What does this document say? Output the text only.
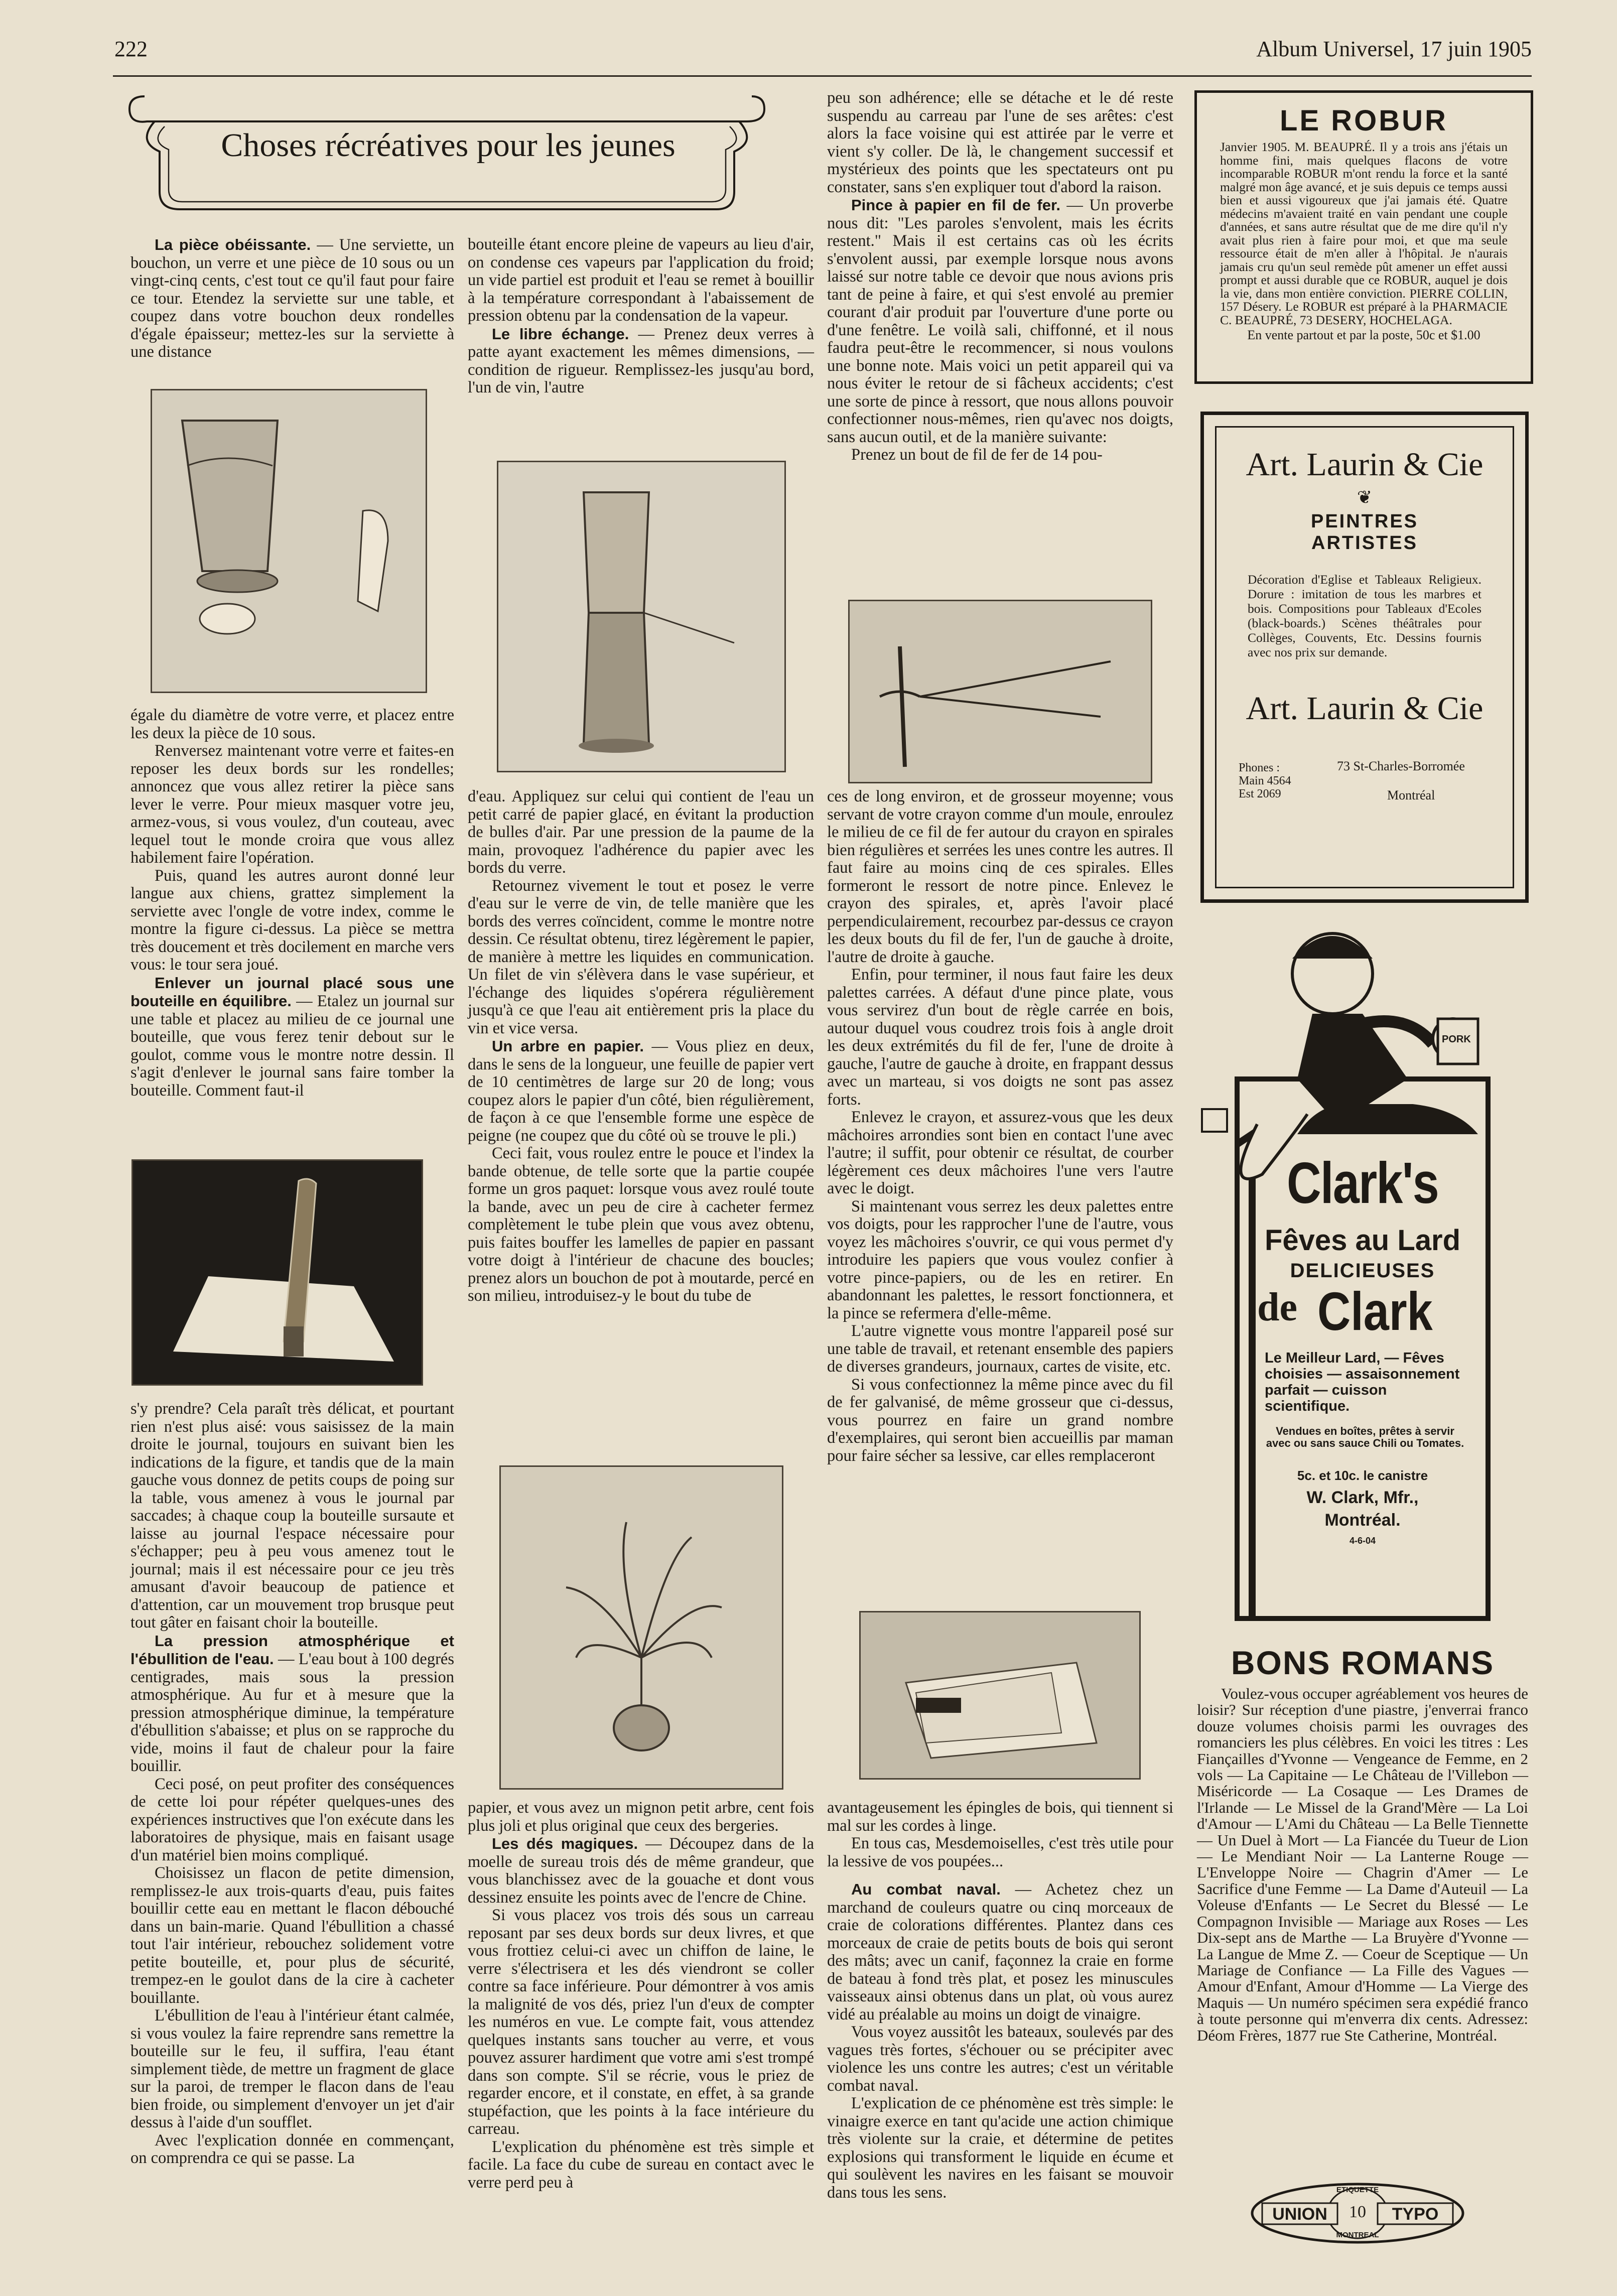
222	Album Universel, 17 juin 1905
Choses récréatives pour les jeunes

La pièce obéissante. — Une serviette, un bouchon, un verre et une pièce de 10 sous ou un vingt-cinq cents, c'est tout ce qu'il faut pour faire ce tour. Etendez la serviette sur une table, et coupez dans votre bouchon deux rondelles d'égale épaisseur; mettez-les sur la serviette à une distance

égale du diamètre de votre verre, et placez entre les deux la pièce de 10 sous.

Renversez maintenant votre verre et faites-en reposer les deux bords sur les rondelles; annoncez que vous allez retirer la pièce sans lever le verre. Pour mieux masquer votre jeu, armez-vous, si vous voulez, d'un couteau, avec lequel tout le monde croira que vous allez habilement faire l'opération.

Puis, quand les autres auront donné leur langue aux chiens, grattez simplement la serviette avec l'ongle de votre index, comme le montre la figure ci-dessus. La pièce se mettra très doucement et très docilement en marche vers vous: le tour sera joué.

Enlever un journal placé sous une bouteille en équilibre. — Etalez un journal sur une table et placez au milieu de ce journal une bouteille, que vous ferez tenir debout sur le goulot, comme vous le montre notre dessin. Il s'agit d'enlever le journal sans faire tomber la bouteille. Comment faut-il

s'y prendre? Cela paraît très délicat, et pourtant rien n'est plus aisé: vous saisissez de la main droite le journal, toujours en suivant bien les indications de la figure, et tandis que de la main gauche vous donnez de petits coups de poing sur la table, vous amenez à vous le journal par saccades; à chaque coup la bouteille sursaute et laisse au journal l'espace nécessaire pour s'échapper; peu à peu vous amenez tout le journal; mais il est nécessaire pour ce jeu très amusant d'avoir beaucoup de patience et d'attention, car un mouvement trop brusque peut tout gâter en faisant choir la bouteille.

La pression atmosphérique et l'ébullition de l'eau. — L'eau bout à 100 degrés centigrades, mais sous la pression atmosphérique. Au fur et à mesure que la pression atmosphérique diminue, la température d'ébullition s'abaisse; et plus on se rapproche du vide, moins il faut de chaleur pour la faire bouillir.

Ceci posé, on peut profiter des conséquences de cette loi pour répéter quelques-unes des expériences instructives que l'on exécute dans les laboratoires de physique, mais en faisant usage d'un matériel bien moins compliqué.

Choisissez un flacon de petite dimension, remplissez-le aux trois-quarts d'eau, puis faites bouillir cette eau en mettant le flacon débouché dans un bain-marie. Quand l'ébullition a chassé tout l'air intérieur, rebouchez solidement votre petite bouteille, et, pour plus de sécurité, trempez-en le goulot dans de la cire à cacheter bouillante.

L'ébullition de l'eau à l'intérieur étant calmée, si vous voulez la faire reprendre sans remettre la bouteille sur le feu, il suffira, l'eau étant simplement tiède, de mettre un fragment de glace sur la paroi, de tremper le flacon dans de l'eau bien froide, ou simplement d'envoyer un jet d'air dessus à l'aide d'un soufflet.

Avec l'explication donnée en commençant, on comprendra ce qui se passe. La

bouteille étant encore pleine de vapeurs au lieu d'air, on condense ces vapeurs par l'application du froid; un vide partiel est produit et l'eau se remet à bouillir à la température correspondant à l'abaissement de pression obtenu par la condensation de la vapeur.

Le libre échange. — Prenez deux verres à patte ayant exactement les mêmes dimensions, — condition de rigueur. Remplissez-les jusqu'au bord, l'un de vin, l'autre

d'eau. Appliquez sur celui qui contient de l'eau un petit carré de papier glacé, en évitant la production de bulles d'air. Par une pression de la paume de la main, provoquez l'adhérence du papier avec les bords du verre.

Retournez vivement le tout et posez le verre d'eau sur le verre de vin, de telle manière que les bords des verres coïncident, comme le montre notre dessin. Ce résultat obtenu, tirez légèrement le papier, de manière à mettre les liquides en communication. Un filet de vin s'élèvera dans le vase supérieur, et l'échange des liquides s'opérera régulièrement jusqu'à ce que l'eau ait entièrement pris la place du vin et vice versa.

Un arbre en papier. — Vous pliez en deux, dans le sens de la longueur, une feuille de papier vert de 10 centimètres de large sur 20 de long; vous coupez alors le papier d'un côté, bien régulièrement, de façon à ce que l'ensemble forme une espèce de peigne (ne coupez que du côté où se trouve le pli.)

Ceci fait, vous roulez entre le pouce et l'index la bande obtenue, de telle sorte que la partie coupée forme un gros paquet: lorsque vous avez roulé toute la bande, avec un peu de cire à cacheter fermez complètement le tube plein que vous avez obtenu, puis faites bouffer les lamelles de papier en passant votre doigt à l'intérieur de chacune des boucles; prenez alors un bouchon de pot à moutarde, percé en son milieu, introduisez-y le bout du tube de

papier, et vous avez un mignon petit arbre, cent fois plus joli et plus original que ceux des bergeries.

Les dés magiques. — Découpez dans de la moelle de sureau trois dés de même grandeur, que vous blanchissez avec de la gouache et dont vous dessinez ensuite les points avec de l'encre de Chine.

Si vous placez vos trois dés sous un carreau reposant par ses deux bords sur deux livres, et que vous frottiez celui-ci avec un chiffon de laine, le verre s'électrisera et les dés viendront se coller contre sa face inférieure. Pour démontrer à vos amis la malignité de vos dés, priez l'un d'eux de compter les numéros en vue. Le compte fait, vous attendez quelques instants sans toucher au verre, et vous pouvez assurer hardiment que votre ami s'est trompé dans son compte. S'il se récrie, vous le priez de regarder encore, et il constate, en effet, à sa grande stupéfaction, que les points à la face intérieure du carreau.

L'explication du phénomène est très simple et facile. La face du cube de sureau en contact avec le verre perd peu à

peu son adhérence; elle se détache et le dé reste suspendu au carreau par l'une de ses arêtes: c'est alors la face voisine qui est attirée par le verre et vient s'y coller. De là, le changement successif et mystérieux des points que les spectateurs ont pu constater, sans s'en expliquer tout d'abord la raison.

Pince à papier en fil de fer. — Un proverbe nous dit: "Les paroles s'envolent, mais les écrits restent." Mais il est certains cas où les écrits s'envolent aussi, par exemple lorsque nous avons laissé sur notre table ce devoir que nous avions pris tant de peine à faire, et qui s'est envolé au premier courant d'air produit par l'ouverture d'une porte ou d'une fenêtre. Le voilà sali, chiffonné, et il nous faudra peut-être le recommencer, si nous voulons une bonne note. Mais voici un petit appareil qui va nous éviter le retour de si fâcheux accidents; c'est une sorte de pince à ressort, que nous allons pouvoir confectionner nous-mêmes, rien qu'avec nos doigts, sans aucun outil, et de la manière suivante:

Prenez un bout de fil de fer de 14 pou-

ces de long environ, et de grosseur moyenne; vous servant de votre crayon comme d'un moule, enroulez le milieu de ce fil de fer autour du crayon en spirales bien régulières et serrées les unes contre les autres. Il faut faire au moins cinq de ces spirales. Elles formeront le ressort de notre pince. Enlevez le crayon des spirales, et, après l'avoir placé perpendiculairement, recourbez par-dessus ce crayon les deux bouts du fil de fer, l'un de gauche à droite, l'autre de droite à gauche.

Enfin, pour terminer, il nous faut faire les deux palettes carrées. A défaut d'une pince plate, vous vous servirez d'un bout de règle carrée en bois, autour duquel vous coudrez trois fois à angle droit les deux extrémités du fil de fer, l'une de droite à gauche, l'autre de gauche à droite, en frappant dessus avec un marteau, si vos doigts ne sont pas assez forts.

Enlevez le crayon, et assurez-vous que les deux mâchoires arrondies sont bien en contact l'une avec l'autre; il suffit, pour obtenir ce résultat, de courber légèrement ces deux mâchoires l'une vers l'autre avec le doigt.

Si maintenant vous serrez les deux palettes entre vos doigts, pour les rapprocher l'une de l'autre, vous voyez les mâchoires s'ouvrir, ce qui vous permet d'y introduire les papiers que vous voulez confier à votre pince-papiers, ou de les en retirer. En abandonnant les palettes, le ressort fonctionnera, et la pince se refermera d'elle-même.

L'autre vignette vous montre l'appareil posé sur une table de travail, et retenant ensemble des papiers de diverses grandeurs, journaux, cartes de visite, etc.

Si vous confectionnez la même pince avec du fil de fer galvanisé, de même grosseur que ci-dessus, vous pourrez en faire un grand nombre d'exemplaires, qui seront bien accueillis par maman pour faire sécher sa lessive, car elles remplaceront

avantageusement les épingles de bois, qui tiennent si mal sur les cordes à linge.

En tous cas, Mesdemoiselles, c'est très utile pour la lessive de vos poupées...

Au combat naval. — Achetez chez un marchand de couleurs quatre ou cinq morceaux de craie de colorations différentes. Plantez dans ces morceaux de craie de petits bouts de bois qui seront des mâts; avec un canif, façonnez la craie en forme de bateau à fond très plat, et posez les minuscules vaisseaux ainsi obtenus dans un plat, où vous aurez vidé au préalable au moins un doigt de vinaigre.

Vous voyez aussitôt les bateaux, soulevés par des vagues très fortes, s'échouer ou se précipiter avec violence les uns contre les autres; c'est un véritable combat naval.

L'explication de ce phénomène est très simple: le vinaigre exerce en tant qu'acide une action chimique très violente sur la craie, et détermine de petites explosions qui transforment le liquide en écume et qui soulèvent les navires en les faisant se mouvoir dans tous les sens.

LE ROBUR
Janvier 1905. M. BEAUPRÉ. Il y a trois ans j'étais un homme fini, mais quelques flacons de votre incomparable ROBUR m'ont rendu la force et la santé malgré mon âge avancé, et je suis depuis ce temps aussi bien et aussi vigoureux que j'ai jamais été. Quatre médecins m'avaient traité en vain pendant une couple d'années, et sans autre résultat que de me dire qu'il n'y avait plus rien à faire pour moi, et que ma seule ressource était de m'en aller à l'hôpital. Je n'aurais jamais cru qu'un seul remède pût amener un effet aussi prompt et aussi durable que ce ROBUR, auquel je dois la vie, dans mon entière conviction. PIERRE COLLIN, 157 Désery. Le ROBUR est préparé à la PHARMACIE C. BEAUPRÉ, 73 DESERY, HOCHELAGA.
En vente partout et par la poste, 50c et $1.00
Art. Laurin & Cie
❦
PEINTRES
ARTISTES
Décoration d'Eglise et Tableaux Religieux. Dorure : imitation de tous les marbres et bois. Compositions pour Tableaux d'Ecoles (black-boards.) Scènes théâtrales pour Collèges, Couvents, Etc. Dessins fournis avec nos prix sur demande.
Art. Laurin & Cie
Phones :
Main 4564
Est 2069
73 St-Charles-Borromée
Montréal
PORK
Clark's
Fêves au Lard
DELICIEUSES
de Clark
Le Meilleur Lard, — Fêves choisies — assaisonnement parfait — cuisson scientifique.
Vendues en boîtes, prêtes à servir avec ou sans sauce Chili ou Tomates.
5c. et 10c. le canistre
W. Clark, Mfr.,
Montréal.
4-6-04
BONS ROMANS
Voulez-vous occuper agréablement vos heures de loisir? Sur réception d'une piastre, j'enverrai franco douze volumes choisis parmi les ouvrages des romanciers les plus célèbres. En voici les titres : Les Fiançailles d'Yvonne — Vengeance de Femme, en 2 vols — La Capitaine — Le Château de l'Villebon — Miséricorde — La Cosaque — Les Drames de l'Irlande — Le Missel de la Grand'Mère — La Loi d'Amour — L'Ami du Château — La Belle Tiennette — Un Duel à Mort — La Fiancée du Tueur de Lion — Le Mendiant Noir — La Lanterne Rouge — L'Enveloppe Noire — Chagrin d'Amer — Le Sacrifice d'une Femme — La Dame d'Auteuil — La Voleuse d'Enfants — Le Secret du Blessé — Le Compagnon Invisible — Mariage aux Roses — Les Dix-sept ans de Marthe — La Bruyère d'Yvonne — La Langue de Mme Z. — Coeur de Sceptique — Un Mariage de Confiance — La Fille des Vagues — Amour d'Enfant, Amour d'Homme — La Vierge des Maquis — Un numéro spécimen sera expédié franco à toute personne qui m'enverra dix cents. Adressez: Déom Frères, 1877 rue Ste Catherine, Montréal.
ETIQUETTE
UNION	10	TYPO
MONTREAL
